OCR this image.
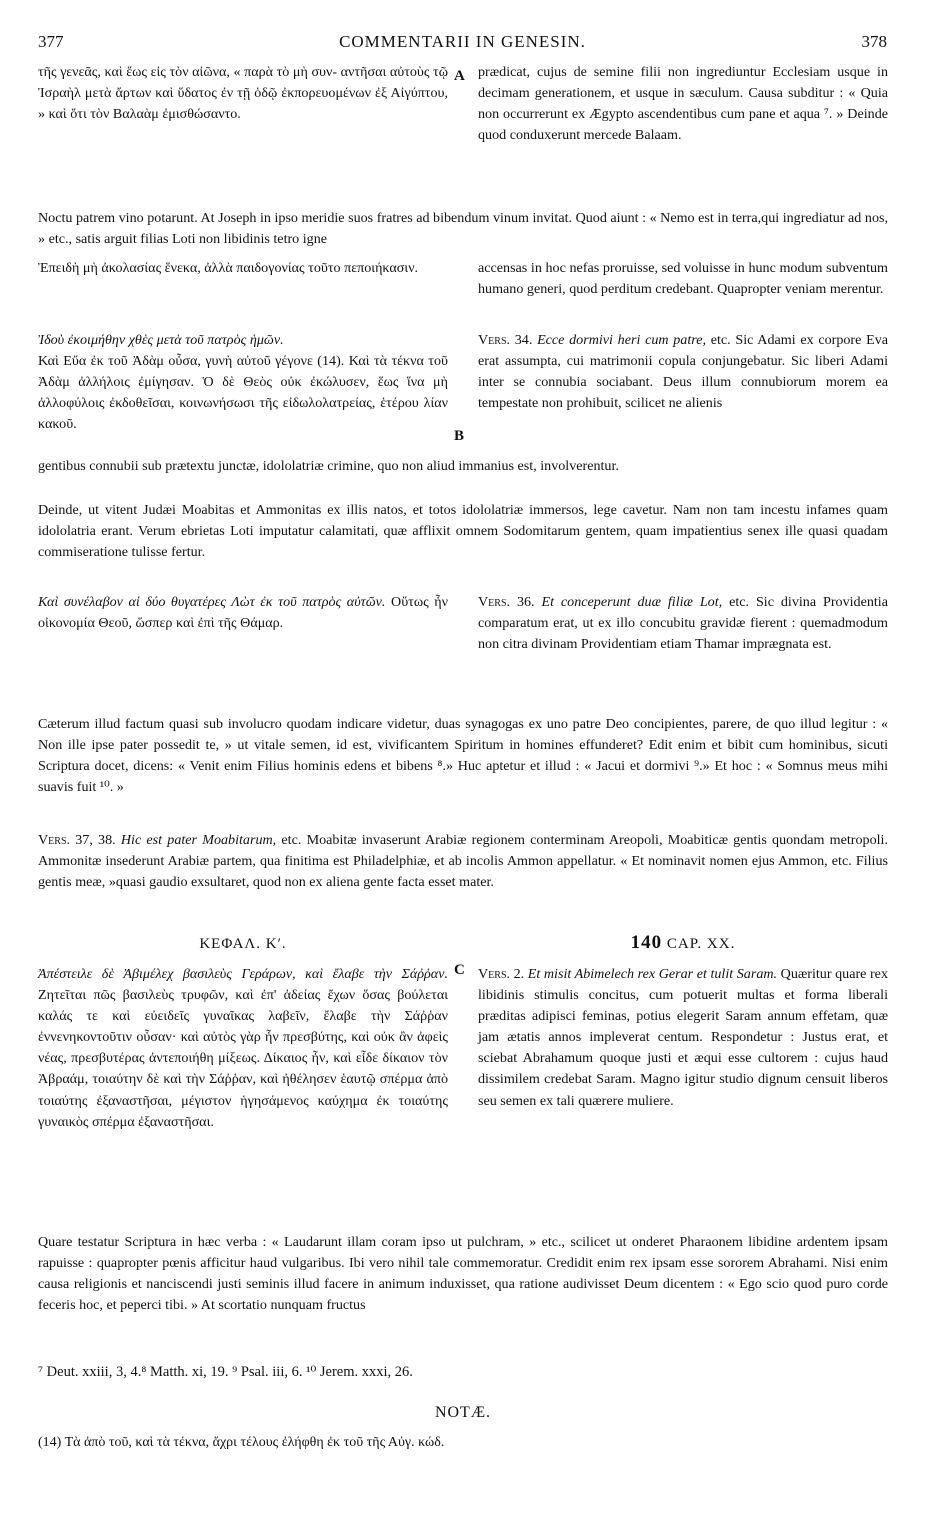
377	COMMENTARII IN GENESIN.	378
A
B
C
τῆς γενεᾶς, καὶ ἕως εἰς τὸν αἰῶνα, « παρὰ τὸ μὴ συν- αντῆσαι αὐτοὺς τῷ Ἰσραὴλ μετὰ ἄρτων καὶ ὕδατος ἐν τῇ ὁδῷ ἐκπορευομένων ἐξ Αἰγύπτου, » καὶ ὅτι τὸν Βαλαὰμ ἐμισθώσαντο.
prædicat, cujus de semine filii non ingrediuntur Ecclesiam usque in decimam generationem, et usque in sæculum. Causa subditur : « Quia non occurrerunt ex Ægypto ascendentibus cum pane et aqua ⁷. » Deinde quod conduxerunt mercede Balaam.
Noctu patrem vino potarunt. At Joseph in ipso meridie suos fratres ad bibendum vinum invitat. Quod aiunt : « Nemo est in terra,qui ingrediatur ad nos, » etc., satis arguit filias Loti non libidinis tetro igne
Ἐπειδὴ μὴ ἀκολασίας ἕνεκα, ἀλλὰ παιδογονίας τοῦτο πεποιήκασιν.	accensas in hoc nefas proruisse, sed voluisse in hunc modum subventum humano generi, quod perditum credebant. Quapropter veniam merentur.
Ἰδοὺ ἐκοιμήθην χθὲς μετὰ τοῦ πατρὸς ἡμῶν.
Καὶ Εὔα ἐκ τοῦ Ἀδὰμ οὖσα, γυνὴ αὐτοῦ γέγονε (14). Καὶ τὰ τέκνα τοῦ Ἀδὰμ ἀλλήλοις ἐμίγησαν. Ὁ δὲ Θεὸς οὐκ ἐκώλυσεν, ἕως ἵνα μὴ ἀλλοφύλοις ἐκδοθεῖσαι, κοινωνήσωσι τῆς εἰδωλολατρείας, ἑτέρου λίαν κακοῦ.
Vers. 34. Ecce dormivi heri cum patre, etc. Sic Adami ex corpore Eva erat assumpta, cui matrimonii copula conjungebatur. Sic liberi Adami inter se connubia sociabant. Deus illum connubiorum morem ea tempestate non prohibuit, scilicet ne alienis
gentibus connubii sub prætextu junctæ, idololatriæ crimine, quo non aliud immanius est, involverentur.
Deinde, ut vitent Judæi Moabitas et Ammonitas ex illis natos, et totos idololatriæ immersos, lege cavetur. Nam non tam incestu infames quam idololatria erant. Verum ebrietas Loti imputatur calamitati, quæ afflixit omnem Sodomitarum gentem, quam impatientius senex ille quasi quadam commiseratione tulisse fertur.
Καὶ συνέλαβον αἱ δύο θυγατέρες Λὼτ ἐκ τοῦ πατρὸς αὐτῶν. Οὕτως ἦν οἰκονομία Θεοῦ, ὥσπερ καὶ ἐπὶ τῆς Θάμαρ.
Vers. 36. Et conceperunt duæ filiæ Lot, etc. Sic divina Providentia comparatum erat, ut ex illo concubitu gravidæ fierent : quemadmodum non citra divinam Providentiam etiam Thamar imprægnata est.
Cæterum illud factum quasi sub involucro quodam indicare videtur, duas synagogas ex uno patre Deo concipientes, parere, de quo illud legitur : « Non ille ipse pater possedit te, » ut vitale semen, id est, vivificantem Spiritum in homines effunderet? Edit enim et bibit cum hominibus, sicuti Scriptura docet, dicens: « Venit enim Filius hominis edens et bibens ⁸.» Huc aptetur et illud : « Jacui et dormivi ⁹.» Et hoc : « Somnus meus mihi suavis fuit ¹⁰. »
Vers. 37, 38. Hic est pater Moabitarum, etc. Moabitæ invaserunt Arabiæ regionem conterminam Areopoli, Moabiticæ gentis quondam metropoli. Ammonitæ insederunt Arabiæ partem, qua finitima est Philadelphiæ, et ab incolis Ammon appellatur. « Et nominavit nomen ejus Ammon, etc. Filius gentis meæ, »quasi gaudio exsultaret, quod non ex aliena gente facta esset mater.
ΚΕΦΑΛ. Κʹ.	140 CAP. XX.
Ἀπέστειλε δὲ Ἀβιμέλεχ βασιλεὺς Γεράρων, καὶ ἔλαβε τὴν Σάῤῥαν. Ζητεῖται πῶς βασιλεὺς τρυφῶν, καὶ ἐπ' ἀδείας ἔχων ὅσας βούλεται καλάς τε καὶ εὐειδεῖς γυναῖκας λαβεῖν, ἔλαβε τὴν Σάῤῥαν ἐννενηκοντοῦτιν οὖσαν· καὶ αὐτὸς γὰρ ἦν πρεσβύτης, καὶ οὐκ ἂν ἀφεὶς νέας, πρεσβυτέρας ἀντεποιήθη μίξεως. Δίκαιος ἦν, καὶ εἶδε δίκαιον τὸν Ἀβραάμ, τοιαύτην δὲ καὶ τὴν Σάῤῥαν, καὶ ἠθέλησεν ἑαυτῷ σπέρμα ἀπὸ τοιαύτης ἐξαναστῆσαι, μέγιστον ἡγησάμενος καύχημα ἐκ τοιαύτης γυναικὸς σπέρμα ἐξαναστῆσαι.
Vers. 2. Et misit Abimelech rex Gerar et tulit Saram. Quæritur quare rex libidinis stimulis concitus, cum potuerit multas et forma liberali præditas adipisci feminas, potius elegerit Saram annum effetam, quæ jam ætatis annos impleverat centum. Respondetur : Justus erat, et sciebat Abrahamum quoque justi et æqui esse cultorem : cujus haud dissimilem credebat Saram. Magno igitur studio dignum censuit liberos seu semen ex tali quærere muliere.
Quare testatur Scriptura in hæc verba : « Laudarunt illam coram ipso ut pulchram, » etc., scilicet ut onderet Pharaonem libidine ardentem ipsam rapuisse : quapropter pœnis afficitur haud vulgaribus. Ibi vero nihil tale commemoratur. Credidit enim rex ipsam esse sororem Abrahami. Nisi enim causa religionis et nanciscendi justi seminis illud facere in animum induxisset, qua ratione audivisset Deum dicentem : « Ego scio quod puro corde feceris hoc, et peperci tibi. » At scortatio nunquam fructus
⁷ Deut. xxiii, 3, 4.⁸ Matth. xi, 19. ⁹ Psal. iii, 6. ¹⁰ Jerem. xxxi, 26.
NOTÆ.
(14) Τὰ ἀπὸ τοῦ, καὶ τὰ τέκνα, ἄχρι τέλους ἐλήφθη ἐκ τοῦ τῆς Αὐγ. κώδ.
